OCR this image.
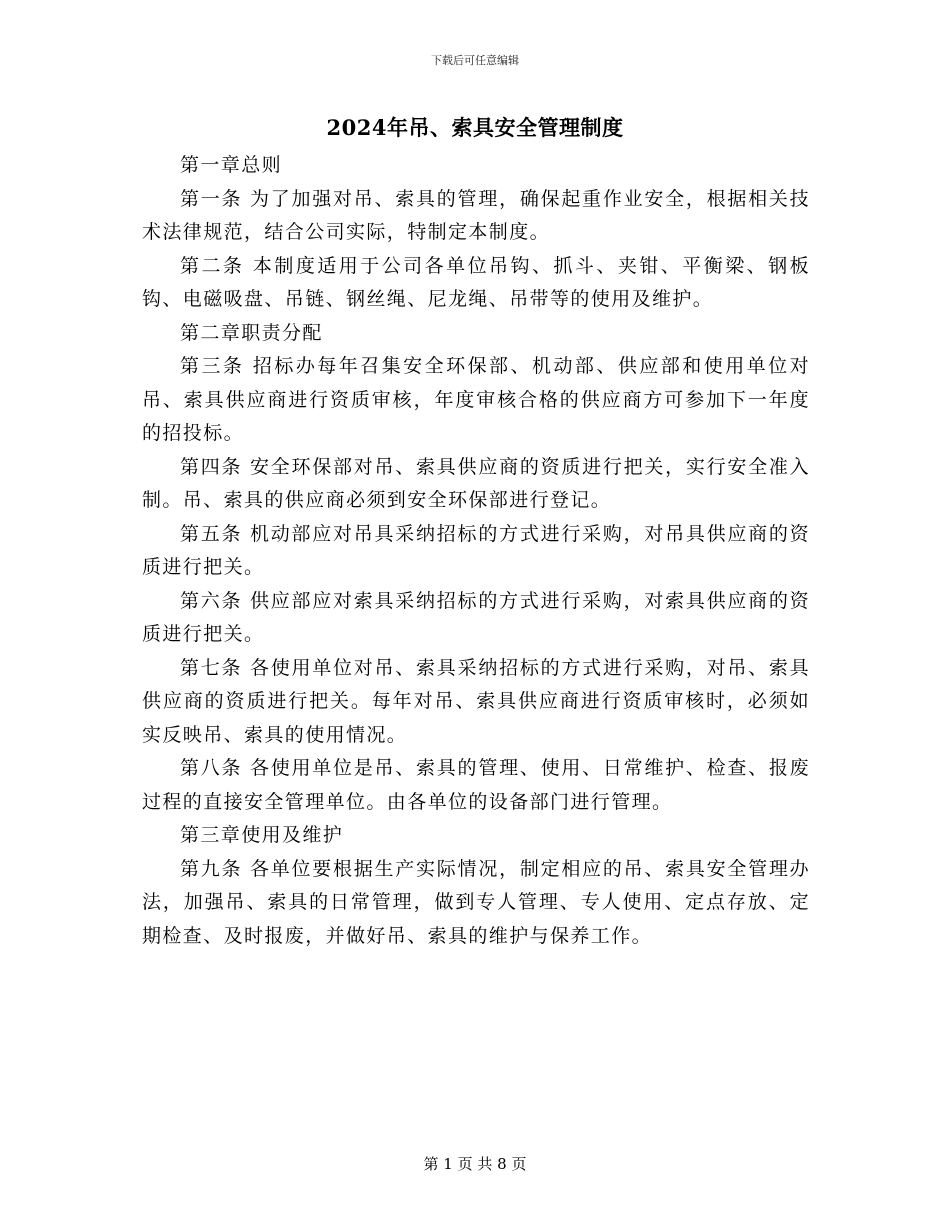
下载后可任意编辑
2024年吊、索具安全管理制度

第一章总则

第一条 为了加强对吊、索具的管理，确保起重作业安全，根据相关技术法律规范，结合公司实际，特制定本制度。

第二条 本制度适用于公司各单位吊钩、抓斗、夹钳、平衡梁、钢板钩、电磁吸盘、吊链、钢丝绳、尼龙绳、吊带等的使用及维护。

第二章职责分配

第三条 招标办每年召集安全环保部、机动部、供应部和使用单位对吊、索具供应商进行资质审核，年度审核合格的供应商方可参加下一年度的招投标。

第四条 安全环保部对吊、索具供应商的资质进行把关，实行安全准入制。吊、索具的供应商必须到安全环保部进行登记。

第五条 机动部应对吊具采纳招标的方式进行采购，对吊具供应商的资质进行把关。

第六条 供应部应对索具采纳招标的方式进行采购，对索具供应商的资质进行把关。

第七条 各使用单位对吊、索具采纳招标的方式进行采购，对吊、索具供应商的资质进行把关。每年对吊、索具供应商进行资质审核时，必须如实反映吊、索具的使用情况。

第八条 各使用单位是吊、索具的管理、使用、日常维护、检查、报废过程的直接安全管理单位。由各单位的设备部门进行管理。

第三章使用及维护

第九条 各单位要根据生产实际情况，制定相应的吊、索具安全管理办法，加强吊、索具的日常管理，做到专人管理、专人使用、定点存放、定期检查、及时报废，并做好吊、索具的维护与保养工作。

第 1 页 共 8 页
